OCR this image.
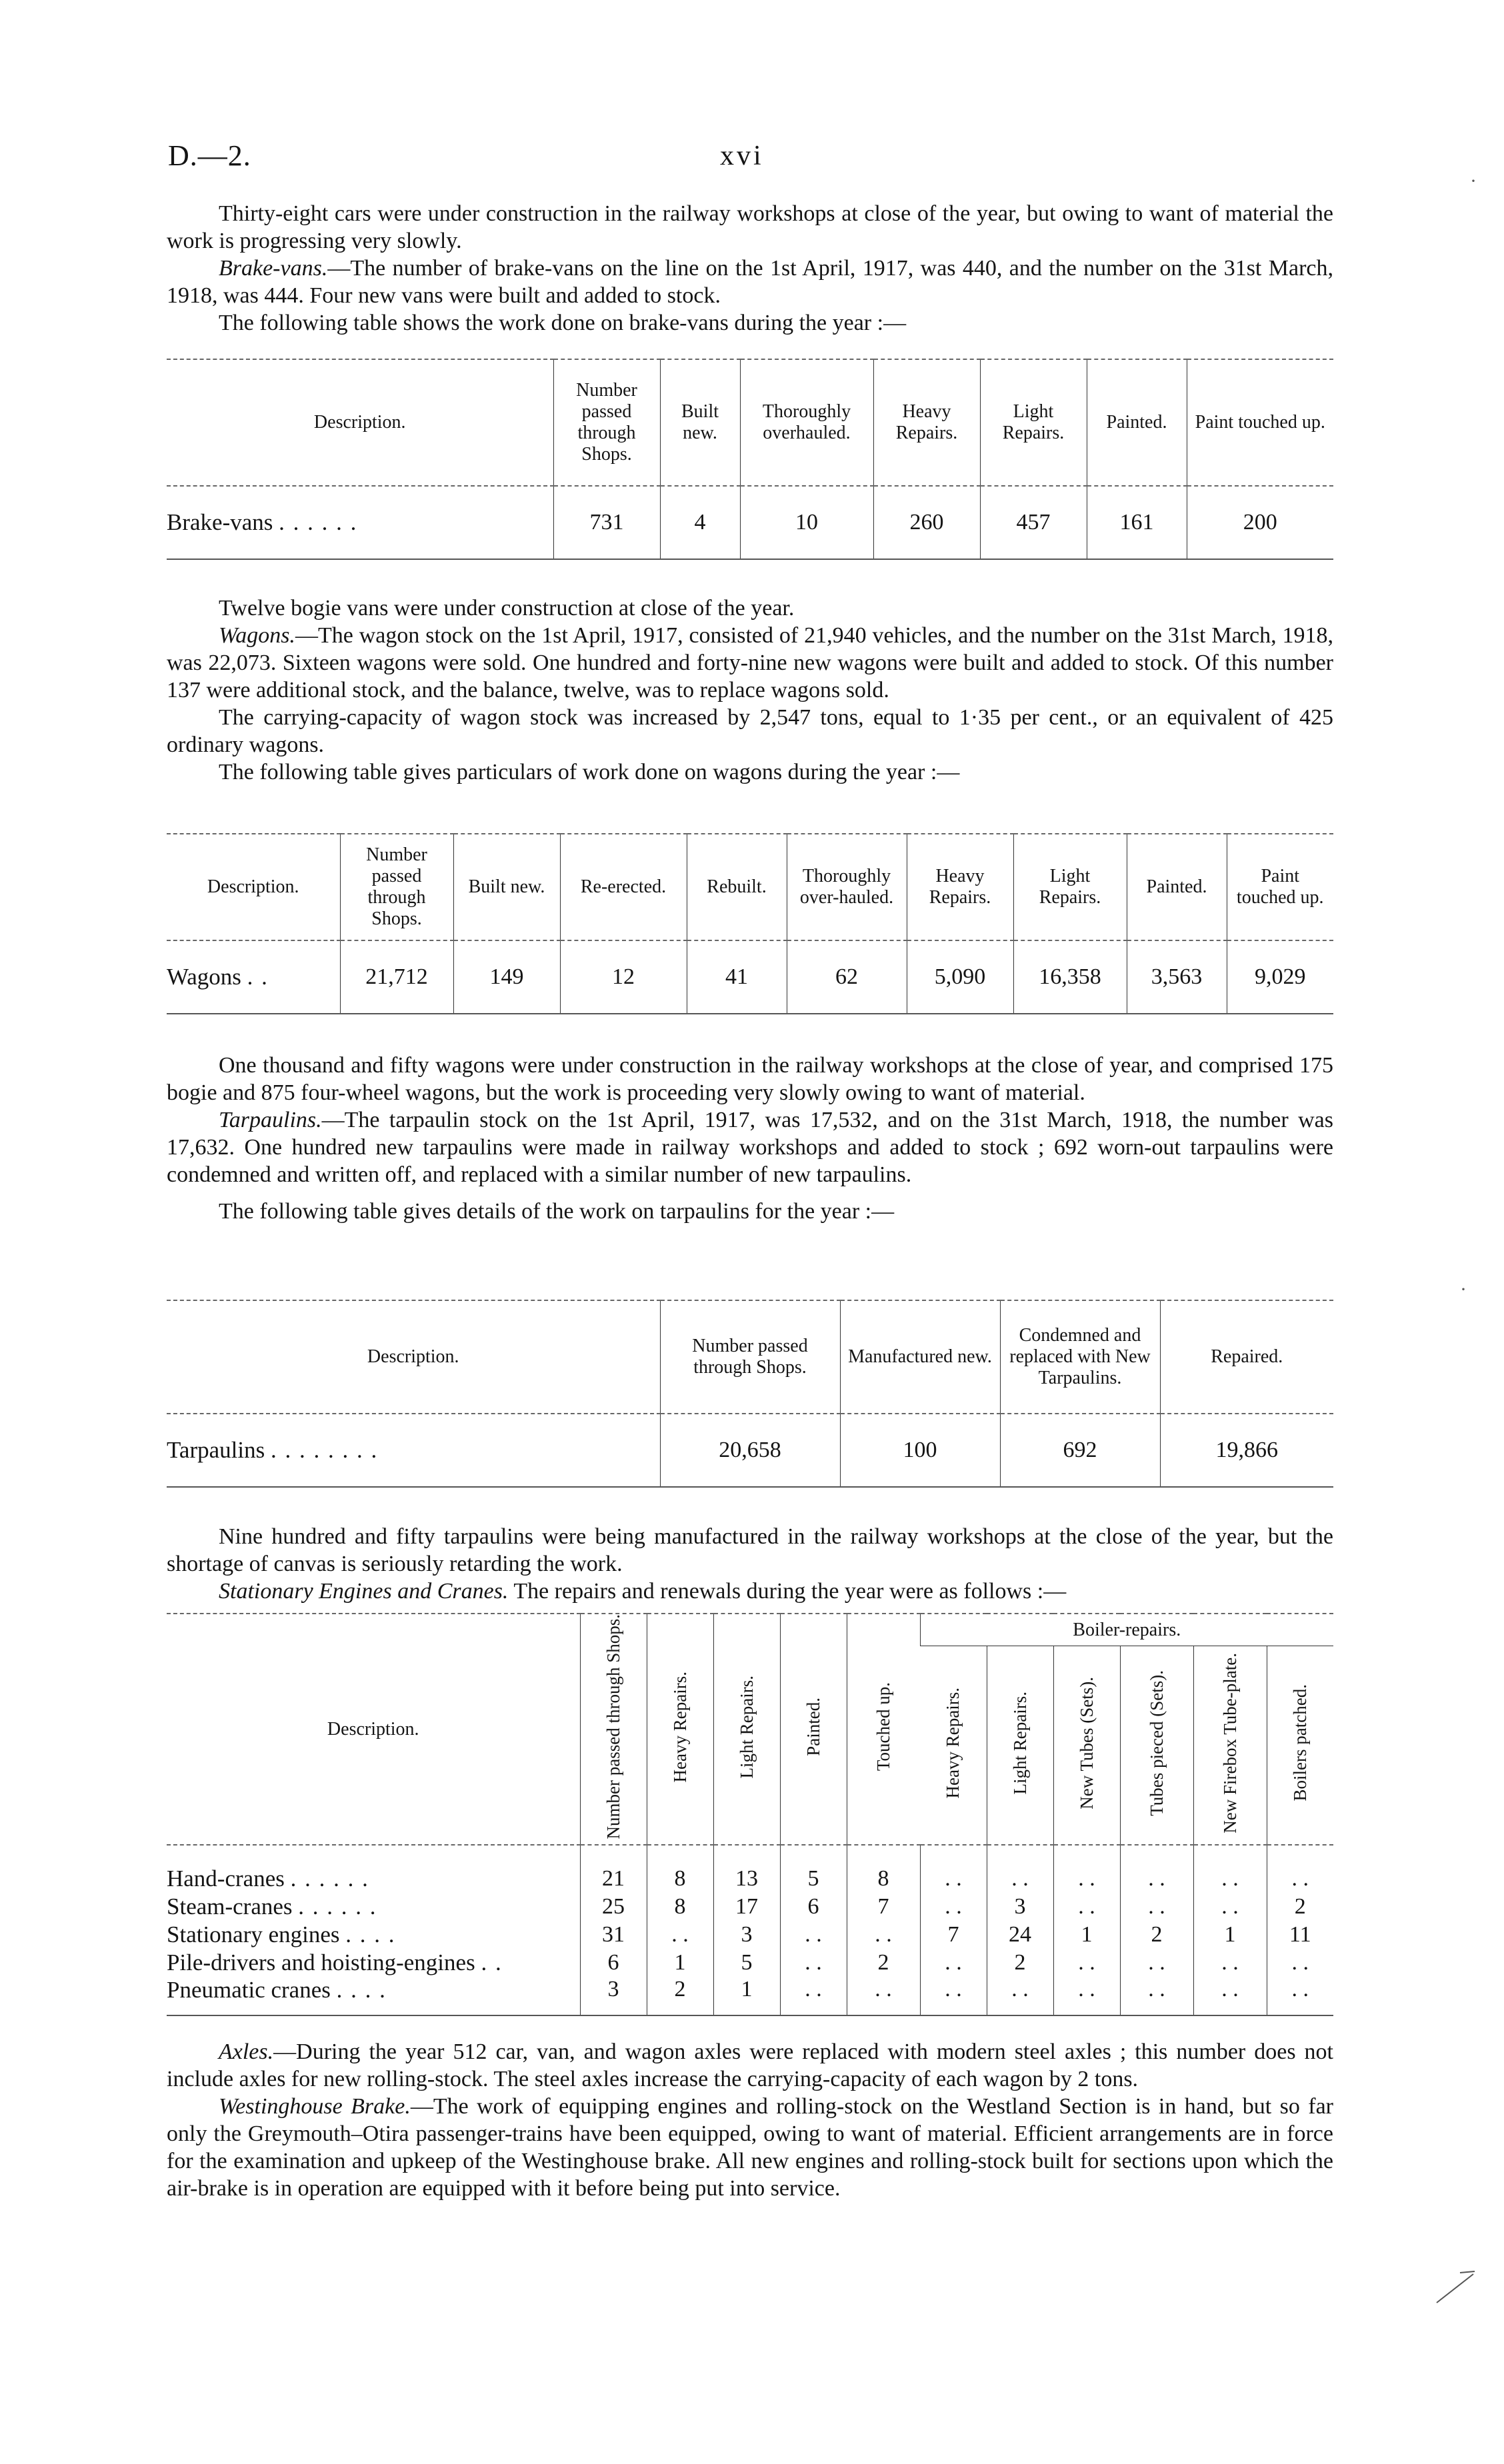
D.—2.	xvi

Thirty-eight cars were under construction in the railway workshops at close of the year, but owing to want of material the work is progressing very slowly.

Brake-vans.—The number of brake-vans on the line on the 1st April, 1917, was 440, and the number on the 31st March, 1918, was 444. Four new vans were built and added to stock.

The following table shows the work done on brake-vans during the year :—

Description.	Number passed through Shops.	Built new.	Thoroughly overhauled.	Heavy Repairs.	Light Repairs.	Painted.	Paint touched up.
Brake-vans . . . . . .	731	4	10	260	457	161	200

Twelve bogie vans were under construction at close of the year.

Wagons.—The wagon stock on the 1st April, 1917, consisted of 21,940 vehicles, and the number on the 31st March, 1918, was 22,073. Sixteen wagons were sold. One hundred and forty-nine new wagons were built and added to stock. Of this number 137 were additional stock, and the balance, twelve, was to replace wagons sold.

The carrying-capacity of wagon stock was increased by 2,547 tons, equal to 1·35 per cent., or an equivalent of 425 ordinary wagons.

The following table gives particulars of work done on wagons during the year :—

Description.	Number passed through Shops.	Built new.	Re-erected.	Rebuilt.	Thoroughly over-hauled.	Heavy Repairs.	Light Repairs.	Painted.	Paint touched up.
Wagons . .	21,712	149	12	41	62	5,090	16,358	3,563	9,029

One thousand and fifty wagons were under construction in the railway workshops at the close of year, and comprised 175 bogie and 875 four-wheel wagons, but the work is proceeding very slowly owing to want of material.

Tarpaulins.—The tarpaulin stock on the 1st April, 1917, was 17,532, and on the 31st March, 1918, the number was 17,632. One hundred new tarpaulins were made in railway workshops and added to stock ; 692 worn-out tarpaulins were condemned and written off, and replaced with a similar number of new tarpaulins.

The following table gives details of the work on tarpaulins for the year :—

Description.	Number passed through Shops.	Manufactured new.	Condemned and replaced with New Tarpaulins.	Repaired.
Tarpaulins . . . . . . . .	20,658	100	692	19,866

Nine hundred and fifty tarpaulins were being manufactured in the railway workshops at the close of the year, but the shortage of canvas is seriously retarding the work.

Stationary Engines and Cranes. The repairs and renewals during the year were as follows :—

Description.	Number passed through Shops.	Heavy Repairs.	Light Repairs.	Painted.	Touched up.	Boiler-repairs.					
						Heavy Repairs.	Light Repairs.	New Tubes (Sets).	Tubes pieced (Sets).	New Firebox Tube-plate.	Boilers patched.

Hand-cranes . . . . . .	21	8	13	5	8	. .	. .	. .	. .	. .	. .
Steam-cranes . . . . . .	25	8	17	6	7	. .	3	. .	. .	. .	2
Stationary engines . . . .	31	. .	3	. .	. .	7	24	1	2	1	11
Pile-drivers and hoisting-engines . .	6	1	5	. .	2	. .	2	. .	. .	. .	. .
Pneumatic cranes . . . .	3	2	1	. .	. .	. .	. .	. .	. .	. .	. .

Axles.—During the year 512 car, van, and wagon axles were replaced with modern steel axles ; this number does not include axles for new rolling-stock. The steel axles increase the carrying-capacity of each wagon by 2 tons.

Westinghouse Brake.—The work of equipping engines and rolling-stock on the Westland Section is in hand, but so far only the Greymouth–Otira passenger-trains have been equipped, owing to want of material. Efficient arrangements are in force for the examination and upkeep of the Westinghouse brake. All new engines and rolling-stock built for sections upon which the air-brake is in operation are equipped with it before being put into service.

·
·
